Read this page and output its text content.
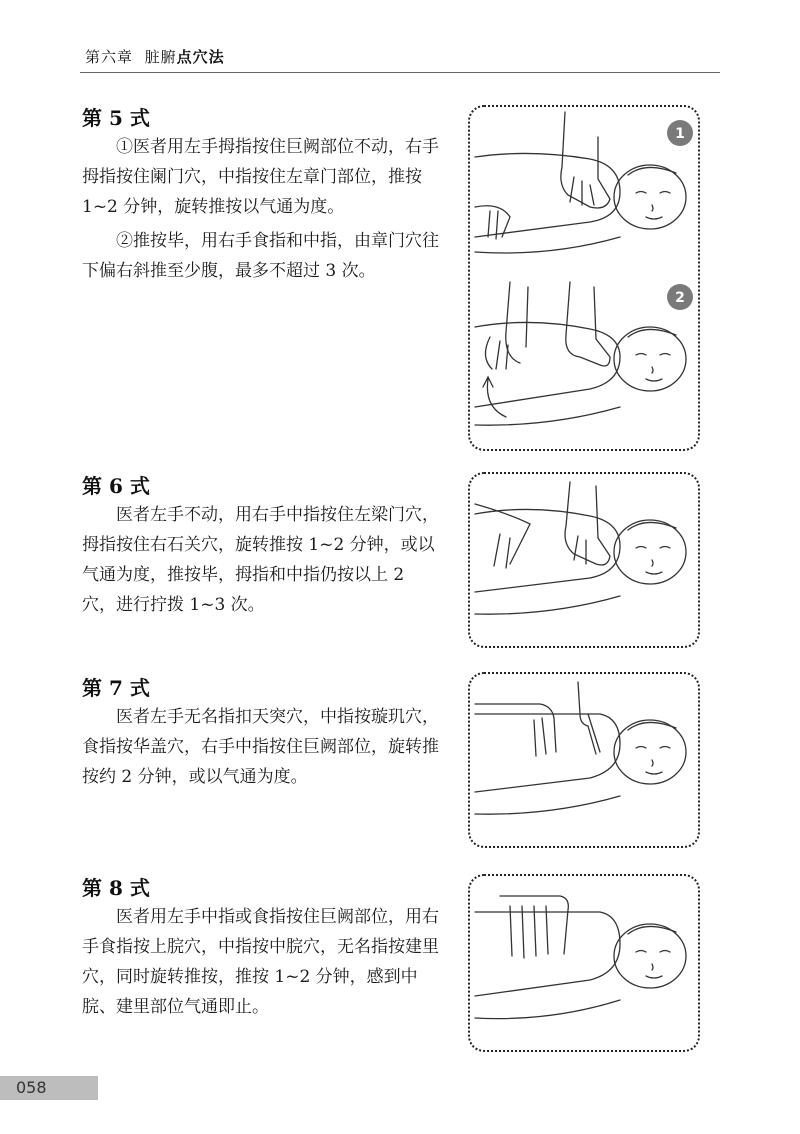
第六章 脏腑点穴法
第 5 式

①医者用左手拇指按住巨阙部位不动，右手拇指按住阑门穴，中指按住左章门部位，推按 1~2 分钟，旋转推按以气通为度。

②推按毕，用右手食指和中指，由章门穴往下偏右斜推至少腹，最多不超过 3 次。

1
2
第 6 式

医者左手不动，用右手中指按住左梁门穴，拇指按住右石关穴，旋转推按 1~2 分钟，或以气通为度，推按毕，拇指和中指仍按以上 2 穴，进行拧拨 1~3 次。

第 7 式

医者左手无名指扣天突穴，中指按璇玑穴，食指按华盖穴，右手中指按住巨阙部位，旋转推按约 2 分钟，或以气通为度。

第 8 式

医者用左手中指或食指按住巨阙部位，用右手食指按上脘穴，中指按中脘穴，无名指按建里穴，同时旋转推按，推按 1~2 分钟，感到中脘、建里部位气通即止。

058
